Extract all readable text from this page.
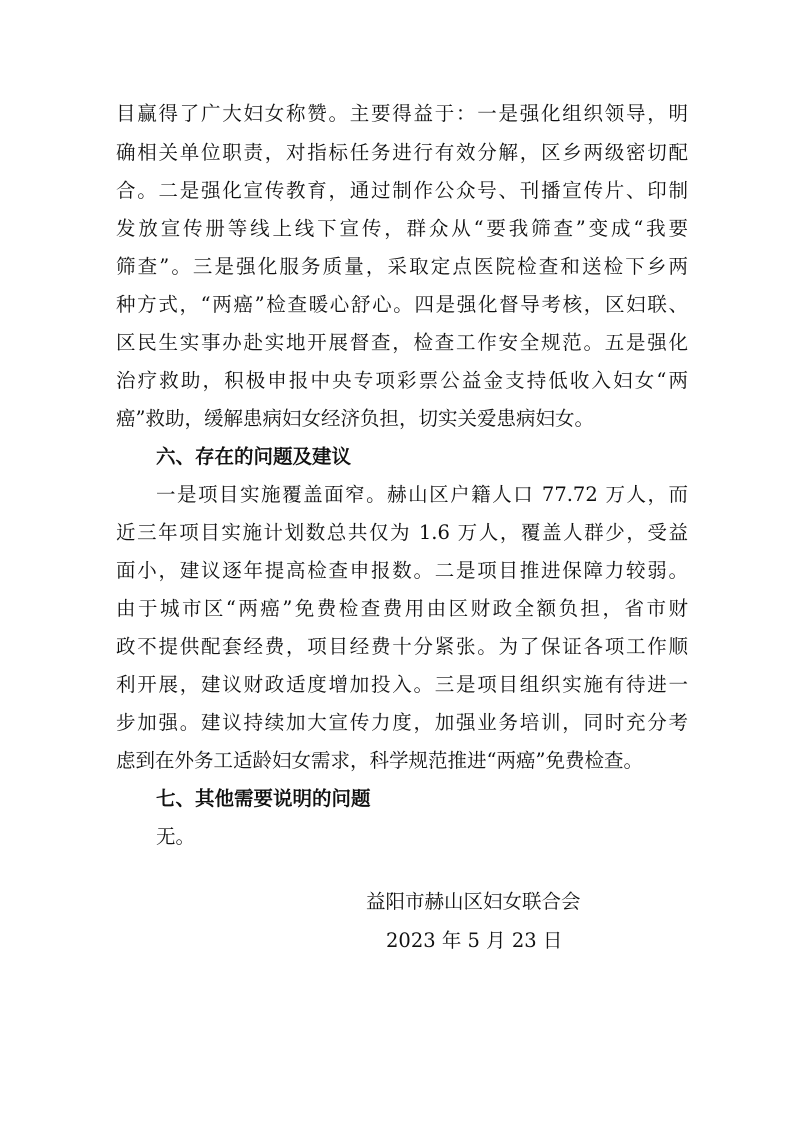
目赢得了广大妇女称赞。主要得益于：一是强化组织领导，明
确相关单位职责，对指标任务进行有效分解，区乡两级密切配
合。二是强化宣传教育，通过制作公众号、刊播宣传片、印制
发放宣传册等线上线下宣传，群众从“要我筛查”变成“我要
筛查”。三是强化服务质量，采取定点医院检查和送检下乡两
种方式，“两癌”检查暖心舒心。四是强化督导考核，区妇联、
区民生实事办赴实地开展督查，检查工作安全规范。五是强化
治疗救助，积极申报中央专项彩票公益金支持低收入妇女“两
癌”救助，缓解患病妇女经济负担，切实关爱患病妇女。
六、存在的问题及建议
一是项目实施覆盖面窄。赫山区户籍人口 77.72 万人，而
近三年项目实施计划数总共仅为 1.6 万人，覆盖人群少，受益
面小，建议逐年提高检查申报数。二是项目推进保障力较弱。
由于城市区“两癌”免费检查费用由区财政全额负担，省市财
政不提供配套经费，项目经费十分紧张。为了保证各项工作顺
利开展，建议财政适度增加投入。三是项目组织实施有待进一
步加强。建议持续加大宣传力度，加强业务培训，同时充分考
虑到在外务工适龄妇女需求，科学规范推进“两癌”免费检查。
七、其他需要说明的问题
无。
益阳市赫山区妇女联合会
2023 年 5 月 23 日
